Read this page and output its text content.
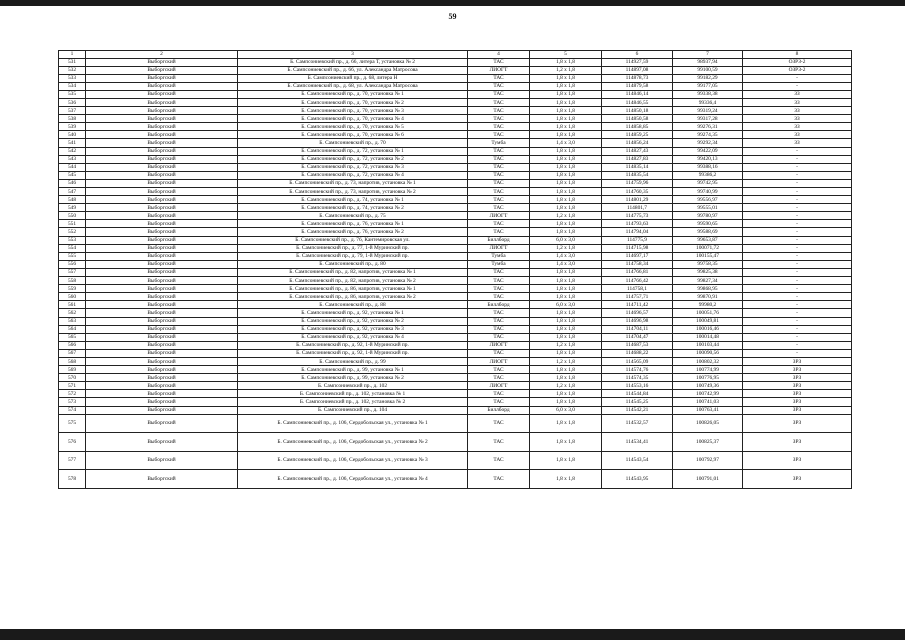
59
1	2	3	4	5	6	7	8
531	Выборгский	Б. Сампсониевский пр., д. 66, литера Т, установка № 2	ТАС	1,8 х 1,8	114927,59	98937,94	ОЗРЗ-2
532	Выборгский	Б. Сампсониевский пр., д. 66, ул. Александра Матросова	ЛИОГТ	1,2 х 1,8	114897,08	99100,59	ОЗРЗ-2
533	Выборгский	Б. Сампсониевский пр., д. 68, литера Н	ТАС	1,8 х 1,8	114878,73	99182,29	-
534	Выборгский	Б. Сампсониевский пр., д. 68, ул. Александра Матросова	ТАС	1,8 х 1,8	114879,58	99177,05	-
535	Выборгский	Б. Сампсониевский пр., д. 70, установка № 1	ТАС	1,8 х 1,8	114846,14	99338,38	ЗЗ
536	Выборгский	Б. Сампсониевский пр., д. 70, установка № 2	ТАС	1,8 х 1,8	114846,55	99336,4	ЗЗ
537	Выборгский	Б. Сампсониевский пр., д. 70, установка № 3	ТАС	1,8 х 1,8	114850,18	99319,24	ЗЗ
538	Выборгский	Б. Сампсониевский пр., д. 70, установка № 4	ТАС	1,8 х 1,8	114850,58	99317,28	ЗЗ
539	Выборгский	Б. Сампсониевский пр., д. 70, установка № 5	ТАС	1,8 х 1,8	114858,85	99276,31	ЗЗ
540	Выборгский	Б. Сампсониевский пр., д. 70, установка № 6	ТАС	1,8 х 1,8	114859,25	99274,35	ЗЗ
541	Выборгский	Б. Сампсониевский пр., д. 70	Тумба	1,4 х 3,0	114856,24	99292,34	ЗЗ
542	Выборгский	Б. Сампсониевский пр., д. 72, установка № 1	ТАС	1,8 х 1,8	114827,43	99422,09	-
543	Выборгский	Б. Сампсониевский пр., д. 72, установка № 2	ТАС	1,8 х 1,8	114827,83	99420,13	-
544	Выборгский	Б. Сампсониевский пр., д. 72, установка № 3	ТАС	1,8 х 1,8	114835,14	99388,16	-
545	Выборгский	Б. Сампсониевский пр., д. 72, установка № 4	ТАС	1,8 х 1,8	114835,54	99386,2	-
546	Выборгский	Б. Сампсониевский пр., д. 73, напротив, установка № 1	ТАС	1,8 х 1,8	114759,96	99742,95	-
547	Выборгский	Б. Сампсониевский пр., д. 73, напротив, установка № 2	ТАС	1,8 х 1,8	114760,35	99740,99	-
548	Выборгский	Б. Сампсониевский пр., д. 74, установка № 1	ТАС	1,8 х 1,8	114801,29	99556,97	-
549	Выборгский	Б. Сампсониевский пр., д. 74, установка № 2	ТАС	1,8 х 1,8	114801,7	99555,01	-
550	Выборгский	Б. Сампсониевский пр., д. 75	ЛИОГТ	1,2 х 1,8	114775,73	99780,97	-
551	Выборгский	Б. Сампсониевский пр., д. 76, установка № 1	ТАС	1,8 х 1,8	114793,63	99590,65	-
552	Выборгский	Б. Сампсониевский пр., д. 76, установка № 2	ТАС	1,8 х 1,8	114794,04	99588,69	-
553	Выборгский	Б. Сампсониевский пр., д. 76, Кантемировская ул.	Биллборд	6,0 х 3,0	114775,9	99653,87	-
554	Выборгский	Б. Сампсониевский пр., д. 77, 1-й Муринский пр.	ЛИОГТ	1,2 х 1,8	114715,98	100071,72	-
555	Выборгский	Б. Сампсониевский пр., д. 79, 1-й Муринский пр.	Тумба	1,4 х 3,0	114697,17	100155,47	-
556	Выборгский	Б. Сампсониевский пр., д. 80	Тумба	1,4 х 3,0	114758,34	99758,35	-
557	Выборгский	Б. Сампсониевский пр., д. 82, напротив, установка № 1	ТАС	1,8 х 1,8	114766,81	99825,38	-
558	Выборгский	Б. Сампсониевский пр., д. 82, напротив, установка № 2	ТАС	1,8 х 1,8	114766,42	99827,34	-
559	Выборгский	Б. Сампсониевский пр., д. 86, напротив, установка № 1	ТАС	1,8 х 1,8	114758,1	99868,95	-
560	Выборгский	Б. Сампсониевский пр., д. 86, напротив, установка № 2	ТАС	1,8 х 1,8	114757,71	99870,91	-
561	Выборгский	Б. Сампсониевский пр., д. 88	Биллборд	6,0 х 3,0	114711,42	99980,2	-
562	Выборгский	Б. Сампсониевский пр., д. 92, установка № 1	ТАС	1,8 х 1,8	114696,57	100051,76	-
563	Выборгский	Б. Сампсониевский пр., д. 92, установка № 2	ТАС	1,8 х 1,8	114696,98	100049,81	-
564	Выборгский	Б. Сампсониевский пр., д. 92, установка № 3	ТАС	1,8 х 1,8	114704,11	100016,46	-
565	Выборгский	Б. Сампсониевский пр., д. 92, установка № 4	ТАС	1,8 х 1,8	114704,47	100014,48	-
566	Выборгский	Б. Сампсониевский пр., д. 92, 1-й Муринский пр.	ЛИОГТ	1,2 х 1,8	114687,53	100103,44	-
567	Выборгский	Б. Сампсониевский пр., д. 92, 1-й Муринский пр.	ТАС	1,8 х 1,8	114688,22	100090,56	-
568	Выборгский	Б. Сампсониевский пр., д. 99	ЛИОГТ	1,2 х 1,8	114565,09	100802,32	ЗРЗ
569	Выборгский	Б. Сампсониевский пр., д. 99, установка № 1	ТАС	1,8 х 1,8	114574,76	100774,99	ЗРЗ
570	Выборгский	Б. Сампсониевский пр., д. 99, установка № 2	ТАС	1,8 х 1,8	114574,35	100776,95	ЗРЗ
571	Выборгский	Б. Сампсониевский пр., д. 102	ЛИОГТ	1,2 х 1,8	114553,16	100749,36	ЗРЗ
572	Выборгский	Б. Сампсониевский пр., д. 102, установка № 1	ТАС	1,8 х 1,8	114544,84	100742,99	ЗРЗ
573	Выборгский	Б. Сампсониевский пр., д. 102, установка № 2	ТАС	1,8 х 1,8	114545,25	100741,03	ЗРЗ
574	Выборгский	Б. Сампсониевский пр., д. 104	Биллборд	6,0 х 3,0	114542,21	100763,41	ЗРЗ
575	Выборгский	Б. Сампсониевский пр., д. 106, Сердобольская ул., установка № 1	ТАС	1,8 х 1,8	114532,57	100826,05	ЗРЗ
576	Выборгский	Б. Сампсониевский пр., д. 106, Сердобольская ул., установка № 2	ТАС	1,8 х 1,8	114534,41	100825,37	ЗРЗ
577	Выборгский	Б. Сампсониевский пр., д. 106, Сердобольская ул., установка № 3	ТАС	1,8 х 1,8	114543,54	100792,97	ЗРЗ
578	Выборгский	Б. Сампсониевский пр., д. 106, Сердобольская ул., установка № 4	ТАС	1,8 х 1,8	114543,95	100791,01	ЗРЗ
